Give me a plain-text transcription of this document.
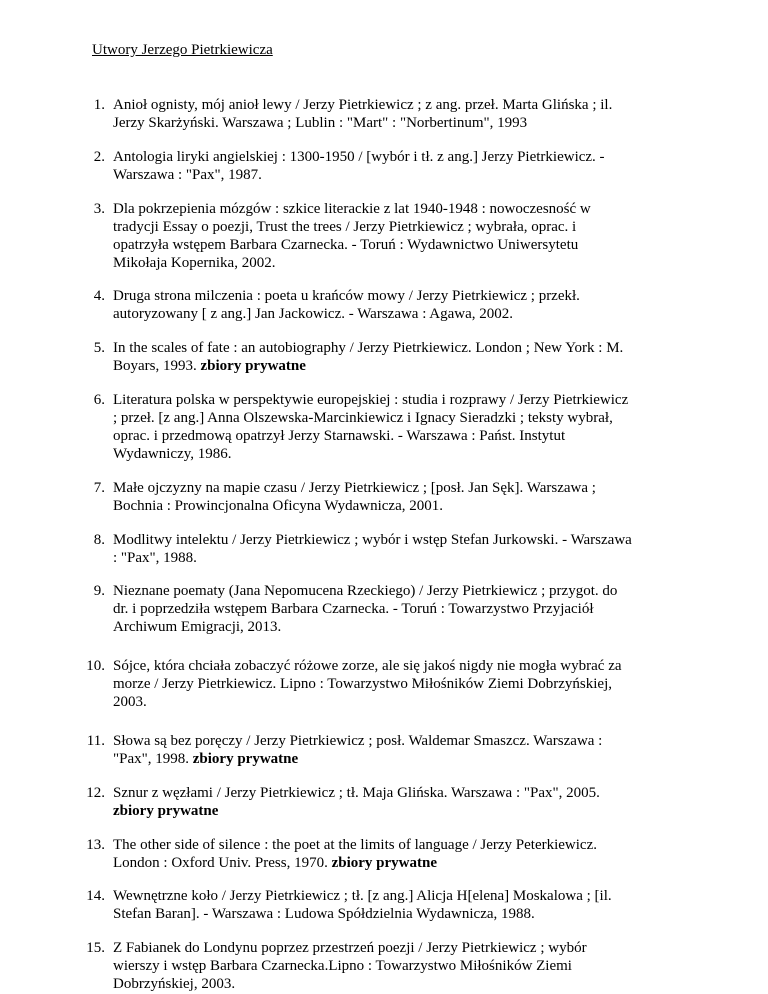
Utwory Jerzego Pietrkiewicza
1. Anioł ognisty, mój anioł lewy / Jerzy Pietrkiewicz ; z ang. przeł. Marta Glińska ; il.
Jerzy Skarżyński. Warszawa ; Lublin : "Mart" : "Norbertinum", 1993
2. Antologia liryki angielskiej : 1300-1950 / [wybór i tł. z ang.] Jerzy Pietrkiewicz. -
Warszawa : "Pax", 1987.
3. Dla pokrzepienia mózgów : szkice literackie z lat 1940-1948 : nowoczesność w
tradycji Essay o poezji, Trust the trees / Jerzy Pietrkiewicz ; wybrała, oprac. i
opatrzyła wstępem Barbara Czarnecka. - Toruń : Wydawnictwo Uniwersytetu
Mikołaja Kopernika, 2002.
4. Druga strona milczenia : poeta u krańców mowy / Jerzy Pietrkiewicz ; przekł.
autoryzowany [ z ang.] Jan Jackowicz. - Warszawa : Agawa, 2002.
5. In the scales of fate : an autobiography / Jerzy Pietrkiewicz. London ; New York : M.
Boyars, 1993. zbiory prywatne
6. Literatura polska w perspektywie europejskiej : studia i rozprawy / Jerzy Pietrkiewicz
; przeł. [z ang.] Anna Olszewska-Marcinkiewicz i Ignacy Sieradzki ; teksty wybrał,
oprac. i przedmową opatrzył Jerzy Starnawski. - Warszawa : Państ. Instytut
Wydawniczy, 1986.
7. Małe ojczyzny na mapie czasu / Jerzy Pietrkiewicz ; [posł. Jan Sęk]. Warszawa ;
Bochnia : Prowincjonalna Oficyna Wydawnicza, 2001.
8. Modlitwy intelektu / Jerzy Pietrkiewicz ; wybór i wstęp Stefan Jurkowski. - Warszawa
: "Pax", 1988.
9. Nieznane poematy (Jana Nepomucena Rzeckiego) / Jerzy Pietrkiewicz ; przygot. do
dr. i poprzedziła wstępem Barbara Czarnecka. - Toruń : Towarzystwo Przyjaciół
Archiwum Emigracji, 2013.
10. Sójce, która chciała zobaczyć różowe zorze, ale się jakoś nigdy nie mogła wybrać za
morze / Jerzy Pietrkiewicz. Lipno : Towarzystwo Miłośników Ziemi Dobrzyńskiej,
2003.
11. Słowa są bez poręczy / Jerzy Pietrkiewicz ; posł. Waldemar Smaszcz. Warszawa :
"Pax", 1998. zbiory prywatne
12. Sznur z węzłami / Jerzy Pietrkiewicz ; tł. Maja Glińska. Warszawa : "Pax", 2005.
zbiory prywatne
13. The other side of silence : the poet at the limits of language / Jerzy Peterkiewicz.
London : Oxford Univ. Press, 1970. zbiory prywatne
14. Wewnętrzne koło / Jerzy Pietrkiewicz ; tł. [z ang.] Alicja H[elena] Moskalowa ; [il.
Stefan Baran]. - Warszawa : Ludowa Spółdzielnia Wydawnicza, 1988.
15. Z Fabianek do Londynu poprzez przestrzeń poezji / Jerzy Pietrkiewicz ; wybór
wierszy i wstęp Barbara Czarnecka.Lipno : Towarzystwo Miłośników Ziemi
Dobrzyńskiej, 2003.
